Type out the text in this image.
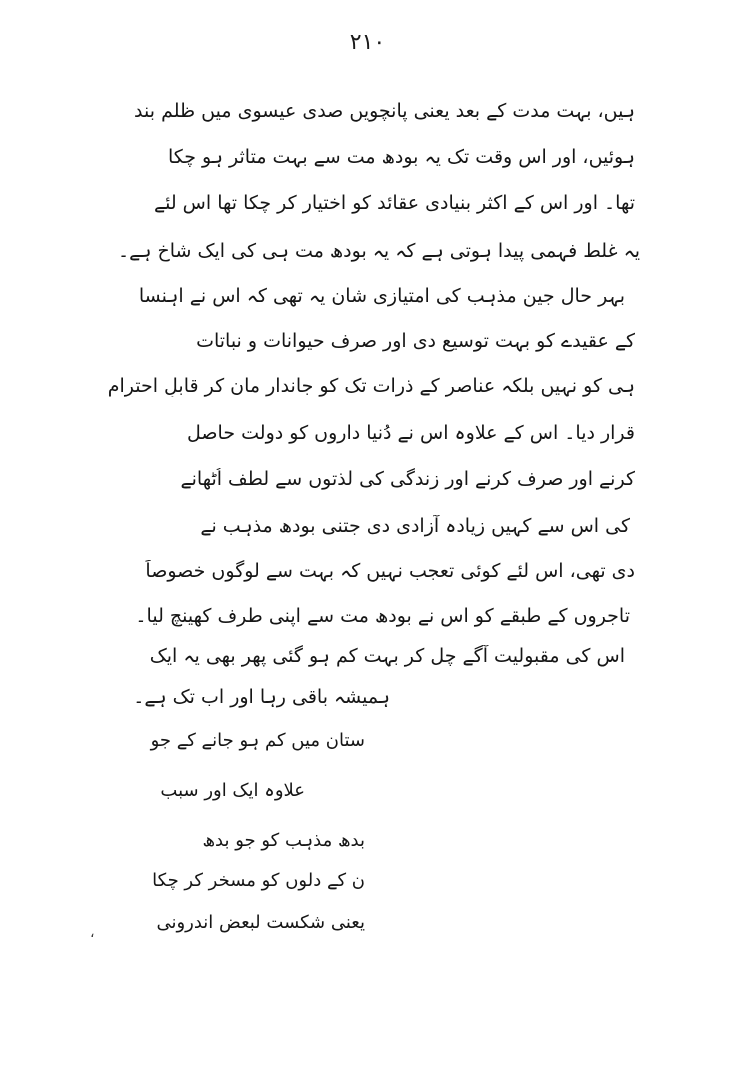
۲۱۰
ہیں، بہت مدت کے بعد یعنی پانچویں صدی عیسوی میں ظلم بند
ہوئیں، اور اس وقت تک یہ بودھ مت سے بہت متاثر ہو چکا
تھا۔ اور اس کے اکثر بنیادی عقائد کو اختیار کر چکا تھا اس لئے
یہ غلط فہمی پیدا ہوتی ہے کہ یہ بودھ مت ہی کی ایک شاخ ہے۔
بہر حال جین مذہب کی امتیازی شان یہ تھی کہ اس نے اہنسا
کے عقیدے کو بہت توسیع دی اور صرف حیوانات و نباتات
ہی کو نہیں بلکہ عناصر کے ذرات تک کو جاندار مان کر قابلِ احترام
قرار دیا۔ اس کے علاوہ اس نے دُنیا داروں کو دولت حاصل
کرنے اور صرف کرنے اور زندگی کی لذتوں سے لطف اُٹھانے
کی اس سے کہیں زیادہ آزادی دی جتنی بودھ مذہب نے
دی تھی، اس لئے کوئی تعجب نہیں کہ بہت سے لوگوں خصوصاً
تاجروں کے طبقے کو اس نے بودھ مت سے اپنی طرف کھینچ لیا۔
اس کی مقبولیت آگے چل کر بہت کم ہو گئی پھر بھی یہ ایک
ہمیشہ باقی رہا اور اب تک ہے۔
ستان میں کم ہو جانے کے جو
علاوہ ایک اور سبب
بدھ مذہب کو جو بدھ
ن کے دلوں کو مسخر کر چکا
یعنی شکست لبعض اندرونی
،
